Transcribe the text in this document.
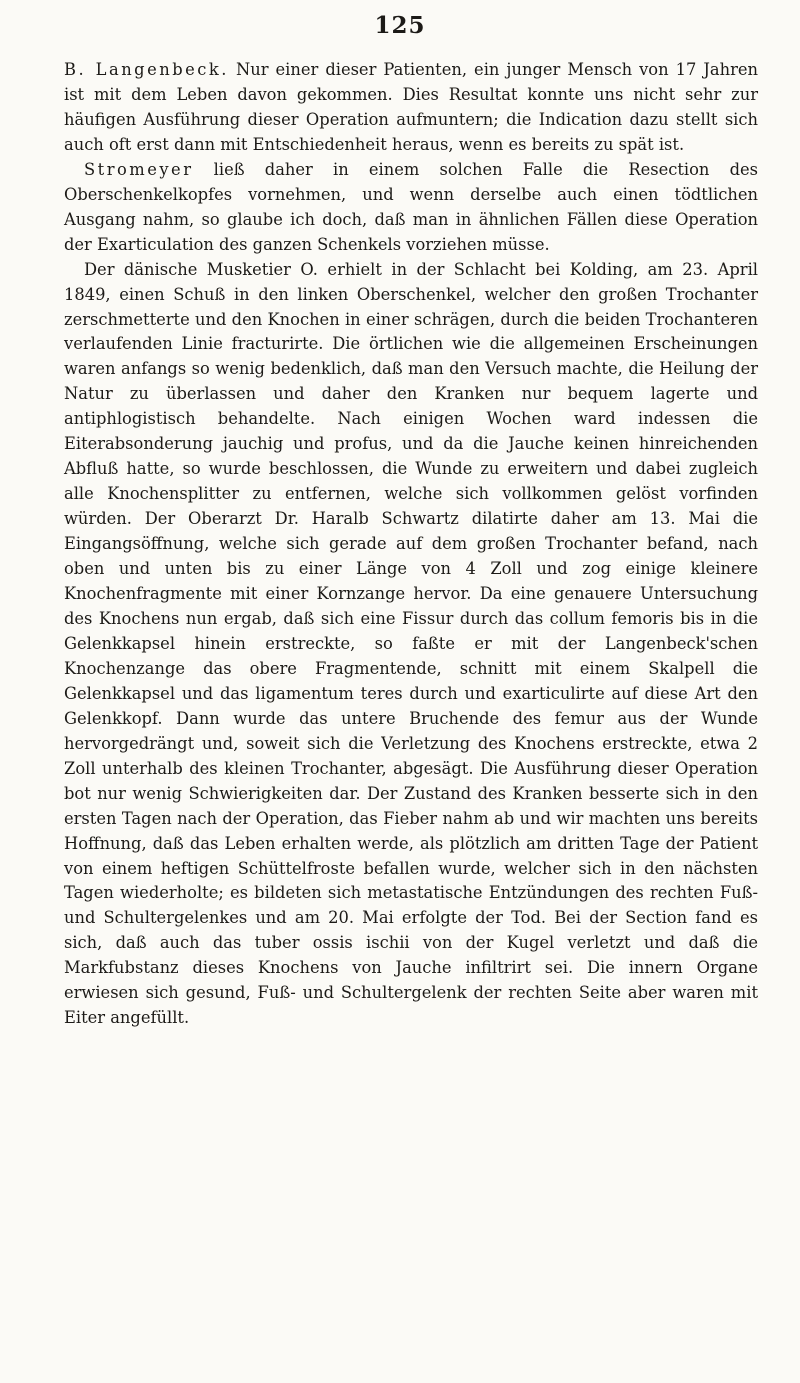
125

B. Langenbeck. Nur einer dieser Patienten, ein junger Mensch von 17 Jahren ist mit dem Leben davon gekommen. Dies Resultat konnte uns nicht sehr zur häufigen Ausführung dieser Operation aufmuntern; die Indication dazu stellt sich auch oft erst dann mit Entschiedenheit heraus, wenn es bereits zu spät ist.

Stromeyer ließ daher in einem solchen Falle die Resection des Oberschenkelkopfes vornehmen, und wenn derselbe auch einen tödtlichen Ausgang nahm, so glaube ich doch, daß man in ähnlichen Fällen diese Operation der Exarticulation des ganzen Schenkels vorziehen müsse.

Der dänische Musketier O. erhielt in der Schlacht bei Kolding, am 23. April 1849, einen Schuß in den linken Oberschenkel, welcher den großen Trochanter zerschmetterte und den Knochen in einer schrägen, durch die beiden Trochanteren verlaufenden Linie fracturirte. Die örtlichen wie die allgemeinen Erscheinungen waren anfangs so wenig bedenklich, daß man den Versuch machte, die Heilung der Natur zu überlassen und daher den Kranken nur bequem lagerte und antiphlogistisch behandelte. Nach einigen Wochen ward indessen die Eiterabsonderung jauchig und profus, und da die Jauche keinen hinreichenden Abfluß hatte, so wurde beschlossen, die Wunde zu erweitern und dabei zugleich alle Knochensplitter zu entfernen, welche sich vollkommen gelöst vorfinden würden. Der Oberarzt Dr. Haralb Schwartz dilatirte daher am 13. Mai die Eingangsöffnung, welche sich gerade auf dem großen Trochanter befand, nach oben und unten bis zu einer Länge von 4 Zoll und zog einige kleinere Knochenfragmente mit einer Kornzange hervor. Da eine genauere Untersuchung des Knochens nun ergab, daß sich eine Fissur durch das collum femoris bis in die Gelenkkapsel hinein erstreckte, so faßte er mit der Langenbeck'schen Knochenzange das obere Fragmentende, schnitt mit einem Skalpell die Gelenkkapsel und das ligamentum teres durch und exarticulirte auf diese Art den Gelenkkopf. Dann wurde das untere Bruchende des femur aus der Wunde hervorgedrängt und, soweit sich die Verletzung des Knochens erstreckte, etwa 2 Zoll unterhalb des kleinen Trochanter, abgesägt. Die Ausführung dieser Operation bot nur wenig Schwierigkeiten dar. Der Zustand des Kranken besserte sich in den ersten Tagen nach der Operation, das Fieber nahm ab und wir machten uns bereits Hoffnung, daß das Leben erhalten werde, als plötzlich am dritten Tage der Patient von einem heftigen Schüttelfroste befallen wurde, welcher sich in den nächsten Tagen wiederholte; es bildeten sich metastatische Entzündungen des rechten Fuß- und Schultergelenkes und am 20. Mai erfolgte der Tod. Bei der Section fand es sich, daß auch das tuber ossis ischii von der Kugel verletzt und daß die Markfubstanz dieses Knochens von Jauche infiltrirt sei. Die innern Organe erwiesen sich gesund, Fuß- und Schultergelenk der rechten Seite aber waren mit Eiter angefüllt.
